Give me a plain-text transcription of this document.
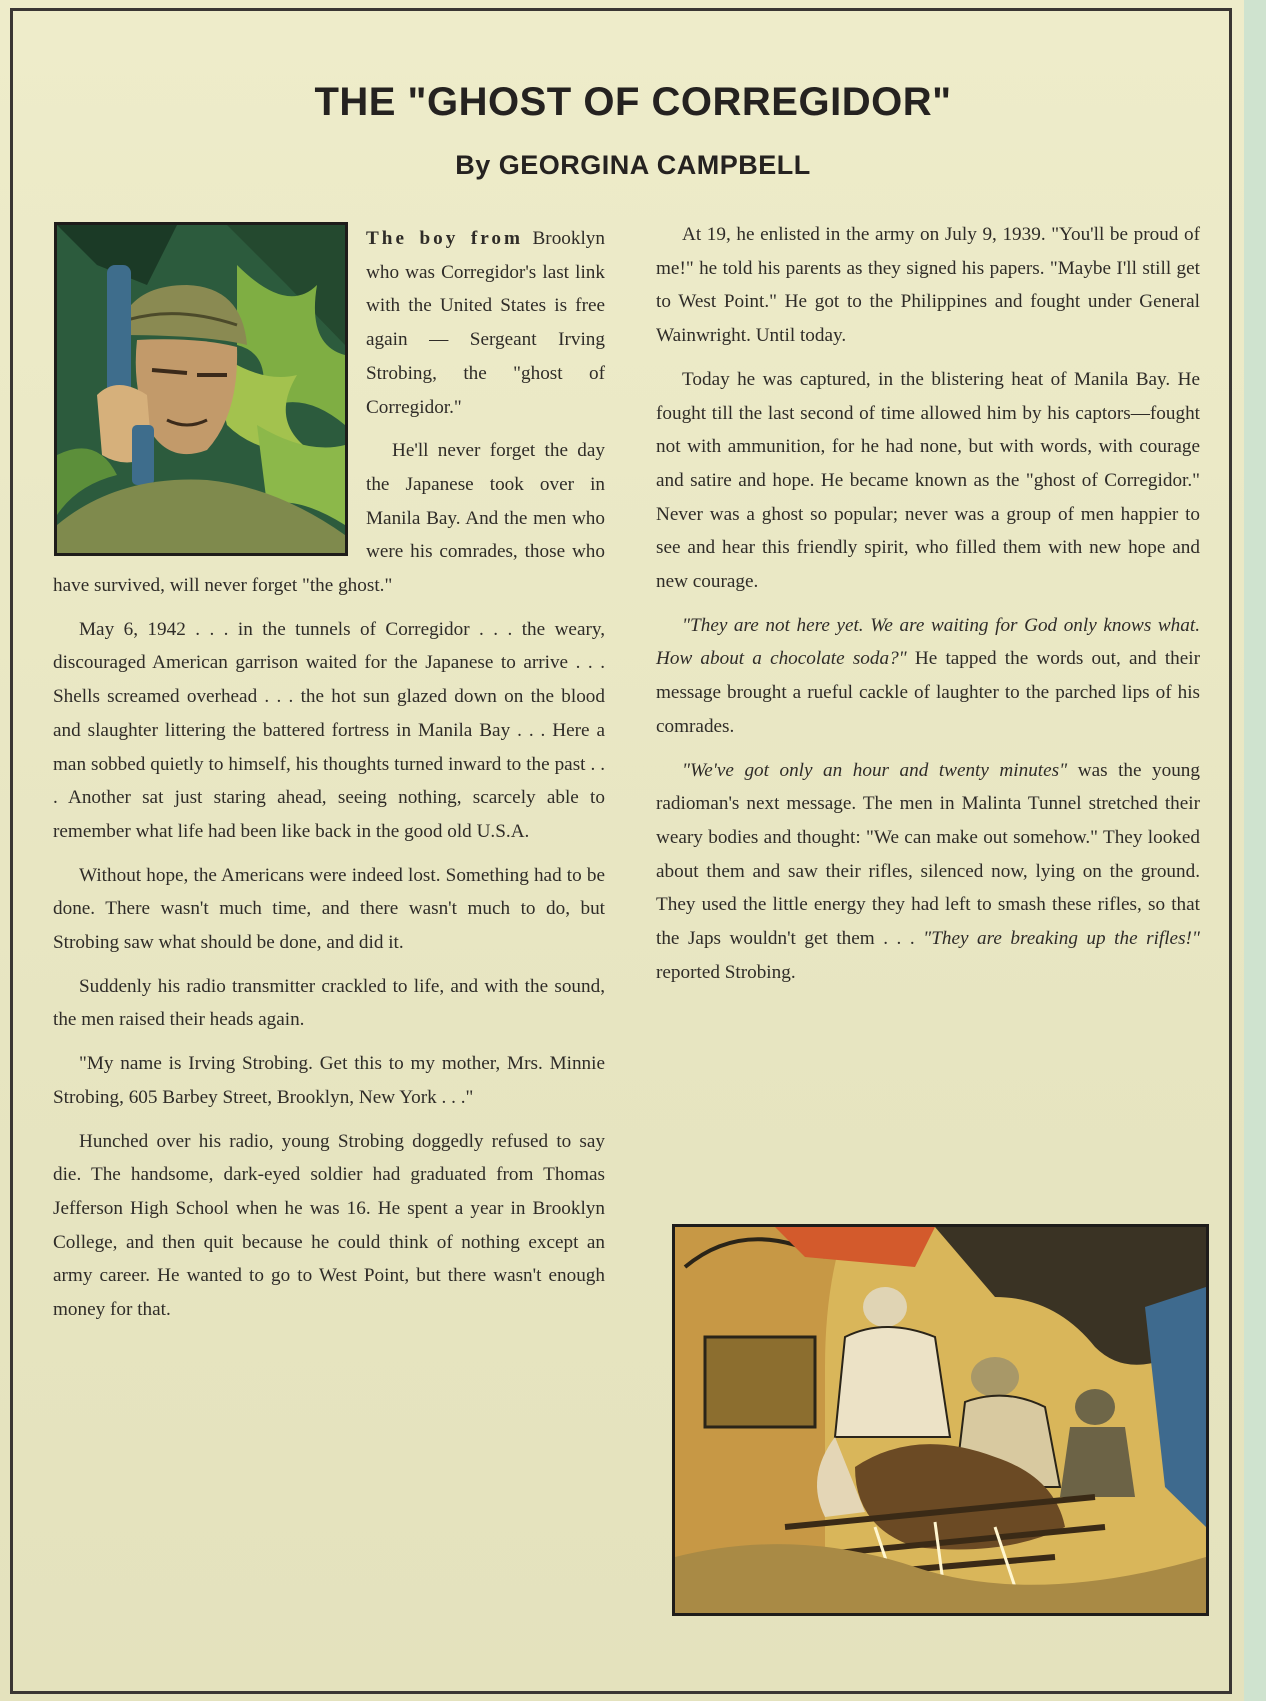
THE "GHOST OF CORREGIDOR"
By GEORGINA CAMPBELL

The boy from Brooklyn who was Corregidor's last link with the United States is free again — Sergeant Irving Strobing, the "ghost of Corregidor."

He'll never forget the day the Japanese took over in Manila Bay. And the men who were his comrades, those who have survived, will never forget "the ghost."

May 6, 1942 . . . in the tunnels of Corregidor . . . the weary, discouraged American garrison waited for the Japanese to arrive . . . Shells screamed overhead . . . the hot sun glazed down on the blood and slaughter littering the battered fortress in Manila Bay . . . Here a man sobbed quietly to himself, his thoughts turned inward to the past . . . Another sat just staring ahead, seeing nothing, scarcely able to remember what life had been like back in the good old U.S.A.

Without hope, the Americans were indeed lost. Something had to be done. There wasn't much time, and there wasn't much to do, but Strobing saw what should be done, and did it.

Suddenly his radio transmitter crackled to life, and with the sound, the men raised their heads again.

"My name is Irving Strobing. Get this to my mother, Mrs. Minnie Strobing, 605 Barbey Street, Brooklyn, New York . . ."

Hunched over his radio, young Strobing doggedly refused to say die. The handsome, dark-eyed soldier had graduated from Thomas Jefferson High School when he was 16. He spent a year in Brooklyn College, and then quit because he could think of nothing except an army career. He wanted to go to West Point, but there wasn't enough money for that.

At 19, he enlisted in the army on July 9, 1939. "You'll be proud of me!" he told his parents as they signed his papers. "Maybe I'll still get to West Point." He got to the Philippines and fought under General Wainwright. Until today.

Today he was captured, in the blistering heat of Manila Bay. He fought till the last second of time allowed him by his captors—fought not with ammunition, for he had none, but with words, with courage and satire and hope. He became known as the "ghost of Corregidor." Never was a ghost so popular; never was a group of men happier to see and hear this friendly spirit, who filled them with new hope and new courage.

"They are not here yet. We are waiting for God only knows what. How about a chocolate soda?" He tapped the words out, and their message brought a rueful cackle of laughter to the parched lips of his comrades.

"We've got only an hour and twenty minutes" was the young radioman's next message. The men in Malinta Tunnel stretched their weary bodies and thought: "We can make out somehow." They looked about them and saw their rifles, silenced now, lying on the ground. They used the little energy they had left to smash these rifles, so that the Japs wouldn't get them . . . "They are breaking up the rifles!" reported Strobing.
